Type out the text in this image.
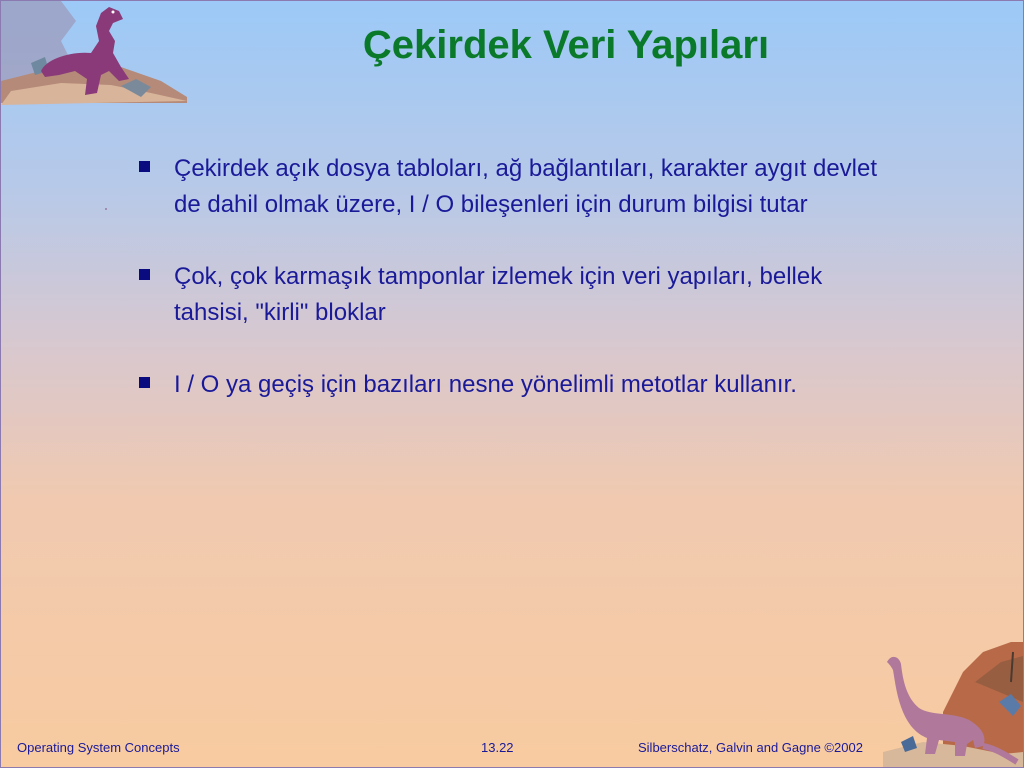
Çekirdek Veri Yapıları
Çekirdek açık dosya tabloları, ağ bağlantıları, karakter aygıt devlet de dahil olmak üzere, I / O bileşenleri için durum bilgisi tutar
Çok, çok karmaşık tamponlar izlemek için veri yapıları, bellek tahsisi, "kirli" bloklar
I / O ya geçiş için bazıları nesne yönelimli metotlar kullanır.
Operating System Concepts	13.22	Silberschatz, Galvin and Gagne ©2002
